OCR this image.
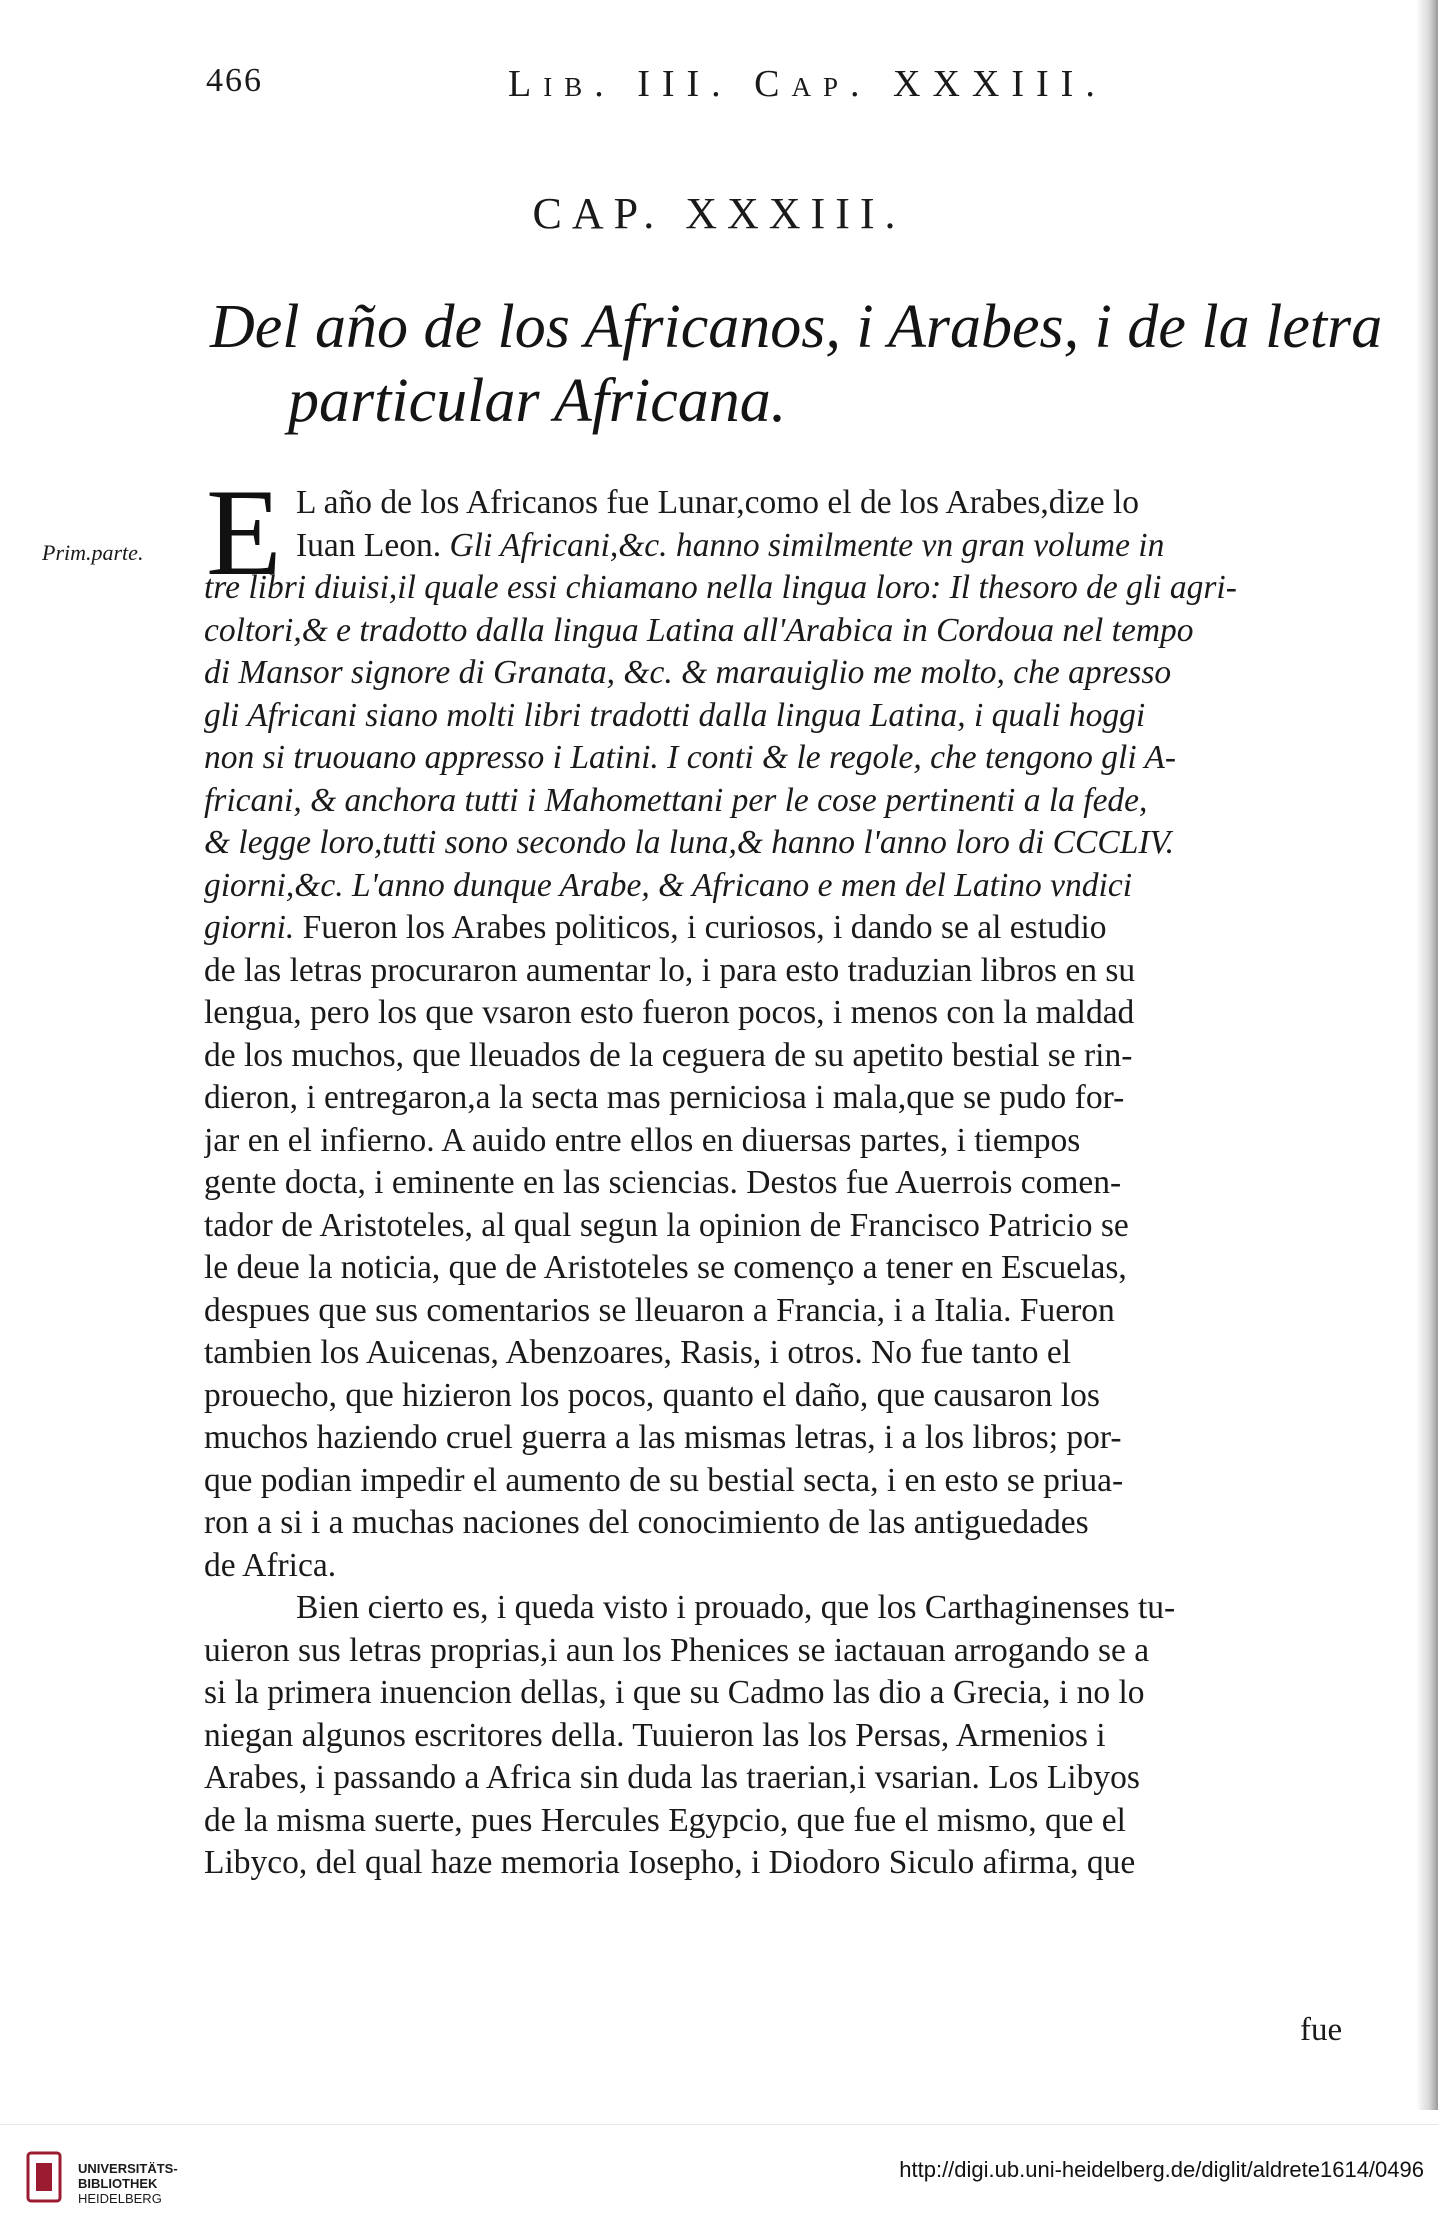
466	Lib. III. Cap. XXXIII.
CAP. XXXIII.
Del año de los Africanos, i Arabes, i de la letra
particular Africana.
Prim.parte. E L año de los Africanos fue Lunar,como el de los Arabes,dize lo
Iuan Leon. Gli Africani,&c. hanno similmente vn gran volume in
tre libri diuisi,il quale essi chiamano nella lingua loro: Il thesoro de gli agri-
coltori,& e tradotto dalla lingua Latina all'Arabica in Cordoua nel tempo
di Mansor signore di Granata, &c. & marauiglio me molto, che apresso
gli Africani siano molti libri tradotti dalla lingua Latina, i quali hoggi
non si truouano appresso i Latini. I conti & le regole, che tengono gli A-
fricani, & anchora tutti i Mahomettani per le cose pertinenti a la fede,
& legge loro,tutti sono secondo la luna,& hanno l'anno loro di CCCLIV.
giorni,&c. L'anno dunque Arabe, & Africano e men del Latino vndici
giorni. Fueron los Arabes politicos, i curiosos, i dando se al estudio
de las letras procuraron aumentar lo, i para esto traduzian libros en su
lengua, pero los que vsaron esto fueron pocos, i menos con la maldad
de los muchos, que lleuados de la ceguera de su apetito bestial se rin-
dieron, i entregaron,a la secta mas perniciosa i mala,que se pudo for-
jar en el infierno. A auido entre ellos en diuersas partes, i tiempos
gente docta, i eminente en las sciencias. Destos fue Auerrois comen-
tador de Aristoteles, al qual segun la opinion de Francisco Patricio se
le deue la noticia, que de Aristoteles se començo a tener en Escuelas,
despues que sus comentarios se lleuaron a Francia, i a Italia. Fueron
tambien los Auicenas, Abenzoares, Rasis, i otros. No fue tanto el
prouecho, que hizieron los pocos, quanto el daño, que causaron los
muchos haziendo cruel guerra a las mismas letras, i a los libros; por-
que podian impedir el aumento de su bestial secta, i en esto se priua-
ron a si i a muchas naciones del conocimiento de las antiguedades
de Africa.
Bien cierto es, i queda visto i prouado, que los Carthaginenses tu-
uieron sus letras proprias,i aun los Phenices se iactauan arrogando se a
si la primera inuencion dellas, i que su Cadmo las dio a Grecia, i no lo
niegan algunos escritores della. Tuuieron las los Persas, Armenios i
Arabes, i passando a Africa sin duda las traerian,i vsarian. Los Libyos
de la misma suerte, pues Hercules Egypcio, que fue el mismo, que el
Libyco, del qual haze memoria Iosepho, i Diodoro Siculo afirma, que
fue
UNIVERSITÄTS-
BIBLIOTHEK
HEIDELBERG
http://digi.ub.uni-heidelberg.de/diglit/aldrete1614/0496
